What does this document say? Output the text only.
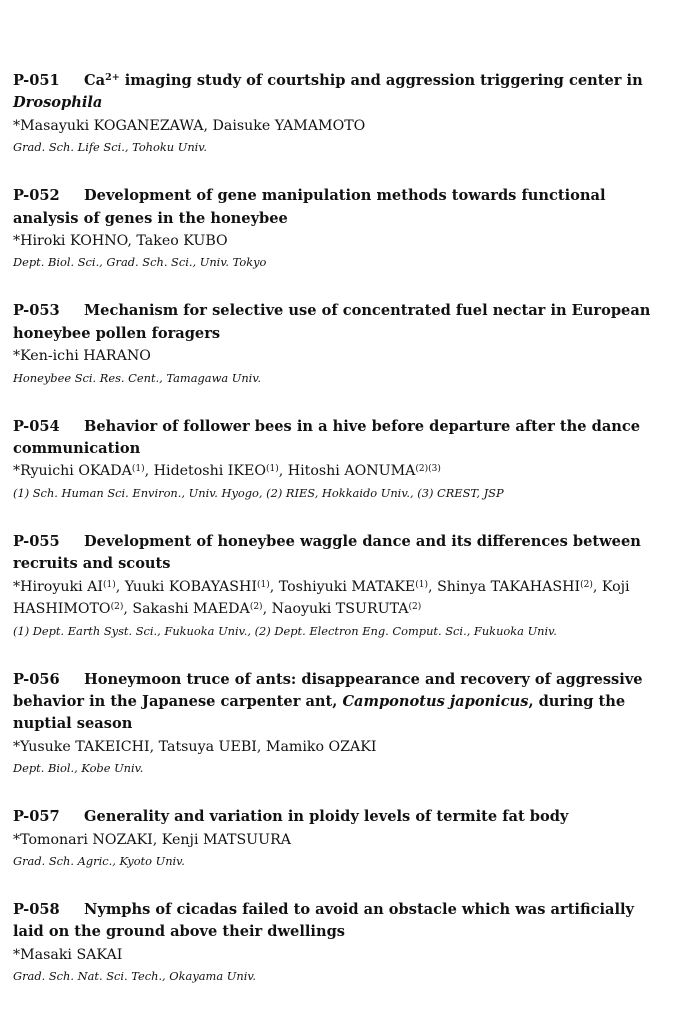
P-051 $Ca^{2+}$ imaging study of courtship and aggression triggering center in Drosophila

*Masayuki KOGANEZAWA, Daisuke YAMAMOTO

Grad. Sch. Life Sci., Tohoku Univ.

P-052 Development of gene manipulation methods towards functional analysis of genes in the honeybee

*Hiroki KOHNO, Takeo KUBO

Dept. Biol. Sci., Grad. Sch. Sci., Univ. Tokyo

P-053 Mechanism for selective use of concentrated fuel nectar in European honeybee pollen foragers

*Ken-ichi HARANO

Honeybee Sci. Res. Cent., Tamagawa Univ.

P-054 Behavior of follower bees in a hive before departure after the dance communication

*Ryuichi OKADA$^{(1)}$, Hidetoshi IKEO$^{(1)}$, Hitoshi AONUMA$^{(2)(3)}$

(1) Sch. Human Sci. Environ., Univ. Hyogo, (2) RIES, Hokkaido Univ., (3) CREST, JSP

P-055 Development of honeybee waggle dance and its differences between recruits and scouts

*Hiroyuki AI$^{(1)}$, Yuuki KOBAYASHI$^{(1)}$, Toshiyuki MATAKE$^{(1)}$, Shinya TAKAHASHI$^{(2)}$, Koji HASHIMOTO$^{(2)}$, Sakashi MAEDA$^{(2)}$, Naoyuki TSURUTA$^{(2)}$

(1) Dept. Earth Syst. Sci., Fukuoka Univ., (2) Dept. Electron Eng. Comput. Sci., Fukuoka Univ.

P-056 Honeymoon truce of ants: disappearance and recovery of aggressive behavior in the Japanese carpenter ant, Camponotus japonicus, during the nuptial season

*Yusuke TAKEICHI, Tatsuya UEBI, Mamiko OZAKI

Dept. Biol., Kobe Univ.

P-057 Generality and variation in ploidy levels of termite fat body

*Tomonari NOZAKI, Kenji MATSUURA

Grad. Sch. Agric., Kyoto Univ.

P-058 Nymphs of cicadas failed to avoid an obstacle which was artificially laid on the ground above their dwellings

*Masaki SAKAI

Grad. Sch. Nat. Sci. Tech., Okayama Univ.
